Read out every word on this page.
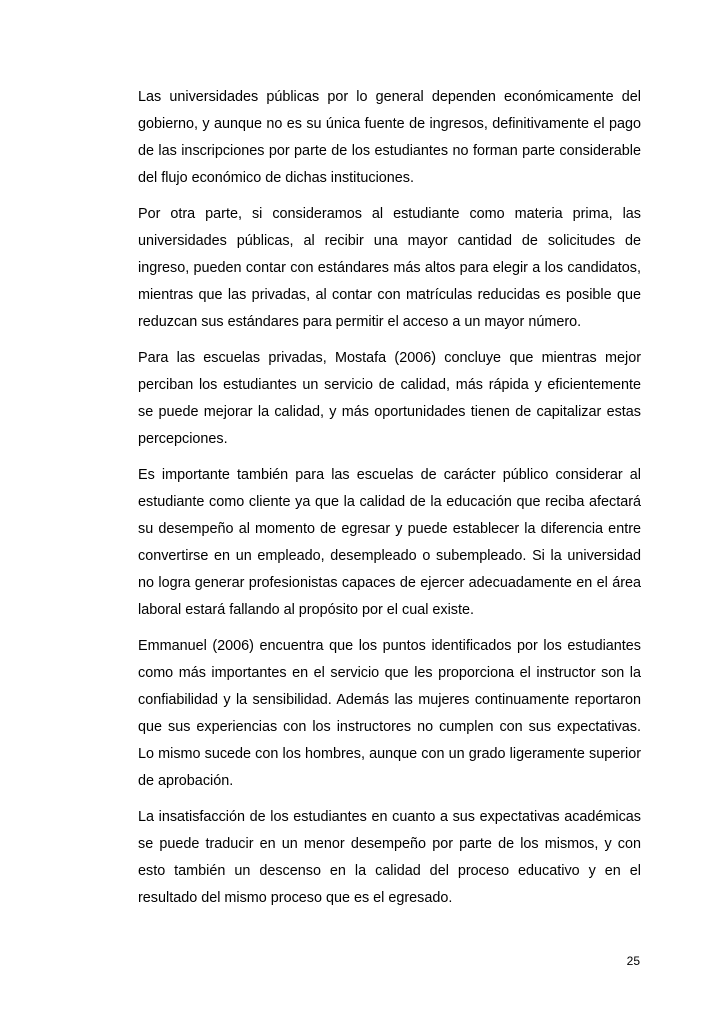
Las universidades públicas por lo general dependen económicamente del gobierno, y aunque no es su única fuente de ingresos, definitivamente el pago de las inscripciones por parte de los estudiantes no forman parte considerable del flujo económico de dichas instituciones.

Por otra parte, si consideramos al estudiante como materia prima, las universidades públicas, al recibir una mayor cantidad de solicitudes de ingreso, pueden contar con estándares más altos para elegir a los candidatos, mientras que las privadas, al contar con matrículas reducidas es posible que reduzcan sus estándares para permitir el acceso a un mayor número.

Para las escuelas privadas, Mostafa (2006) concluye que mientras mejor perciban los estudiantes un servicio de calidad, más rápida y eficientemente se puede mejorar la calidad, y más oportunidades tienen de capitalizar estas percepciones.

Es importante también para las escuelas de carácter público considerar al estudiante como cliente ya que la calidad de la educación que reciba afectará su desempeño al momento de egresar y puede establecer la diferencia entre convertirse en un empleado, desempleado o subempleado. Si la universidad no logra generar profesionistas capaces de ejercer adecuadamente en el área laboral estará fallando al propósito por el cual existe.

Emmanuel (2006) encuentra que los puntos identificados por los estudiantes como más importantes en el servicio que les proporciona el instructor son la confiabilidad y la sensibilidad. Además las mujeres continuamente reportaron que sus experiencias con los instructores no cumplen con sus expectativas. Lo mismo sucede con los hombres, aunque con un grado ligeramente superior de aprobación.

La insatisfacción de los estudiantes en cuanto a sus expectativas académicas se puede traducir en un menor desempeño por parte de los mismos, y con esto también un descenso en la calidad del proceso educativo y en el resultado del mismo proceso que es el egresado.

25
